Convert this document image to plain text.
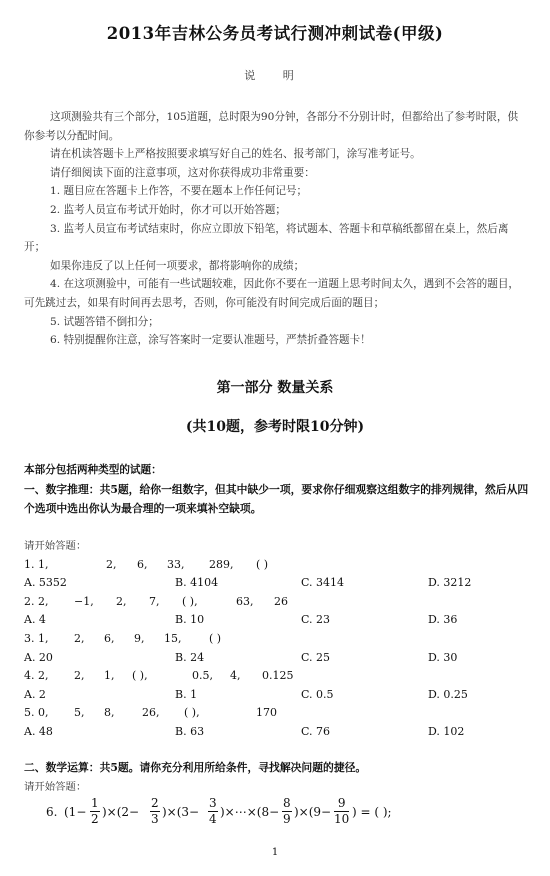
2013年吉林公务员考试行测冲刺试卷(甲级)
说 明

这项测验共有三个部分，105道题，总时限为90分钟，各部分不分别计时，但都给出了参考时限，供你参考以分配时间。

请在机读答题卡上严格按照要求填写好自己的姓名、报考部门，涂写准考证号。

请仔细阅读下面的注意事项，这对你获得成功非常重要：

1. 题目应在答题卡上作答，不要在题本上作任何记号；

2. 监考人员宣布考试开始时，你才可以开始答题；

3. 监考人员宣布考试结束时，你应立即放下铅笔，将试题本、答题卡和草稿纸都留在桌上，然后离开；

如果你违反了以上任何一项要求，都将影响你的成绩；

4. 在这项测验中，可能有一些试题较难，因此你不要在一道题上思考时间太久，遇到不会答的题目，可先跳过去，如果有时间再去思考，否则，你可能没有时间完成后面的题目；

5. 试题答错不倒扣分；

6. 特别提醒你注意，涂写答案时一定要认准题号，严禁折叠答题卡！

第一部分 数量关系
(共10题，参考时限10分钟)

本部分包括两种类型的试题：

一、数字推理：共5题，给你一组数字，但其中缺少一项，要求你仔细观察这组数字的排列规律，然后从四个选项中选出你认为最合理的一项来填补空缺项。

请开始答题：

1. 1,	2, 6, 33, 289, ( )
A. 5352	B. 4104	C. 3414	D. 3212
2. 2, −1, 2, 7, ( ),	63, 26
A. 4	B. 10	C. 23	D. 36
3. 1, 2, 6, 9, 15,	( )
A. 20	B. 24	C. 25	D. 30
4. 2, 2, 1, ( ),	0.5, 4, 0.125
A. 2	B. 1	C. 0.5	D. 0.25
5. 0, 5, 8,	26, ( ),	170
A. 48	B. 63	C. 76	D. 102

二、数学运算：共5题。请你充分利用所给条件，寻找解决问题的捷径。

请开始答题：

6. $(1- \frac{1}{2} )\times(2- \frac{2}{3} )\times(3- \frac{3}{4}$ )×⋯×(8− $\frac{8}{9} )\times(9- \frac{9}{10}$ ) = ( );
1
